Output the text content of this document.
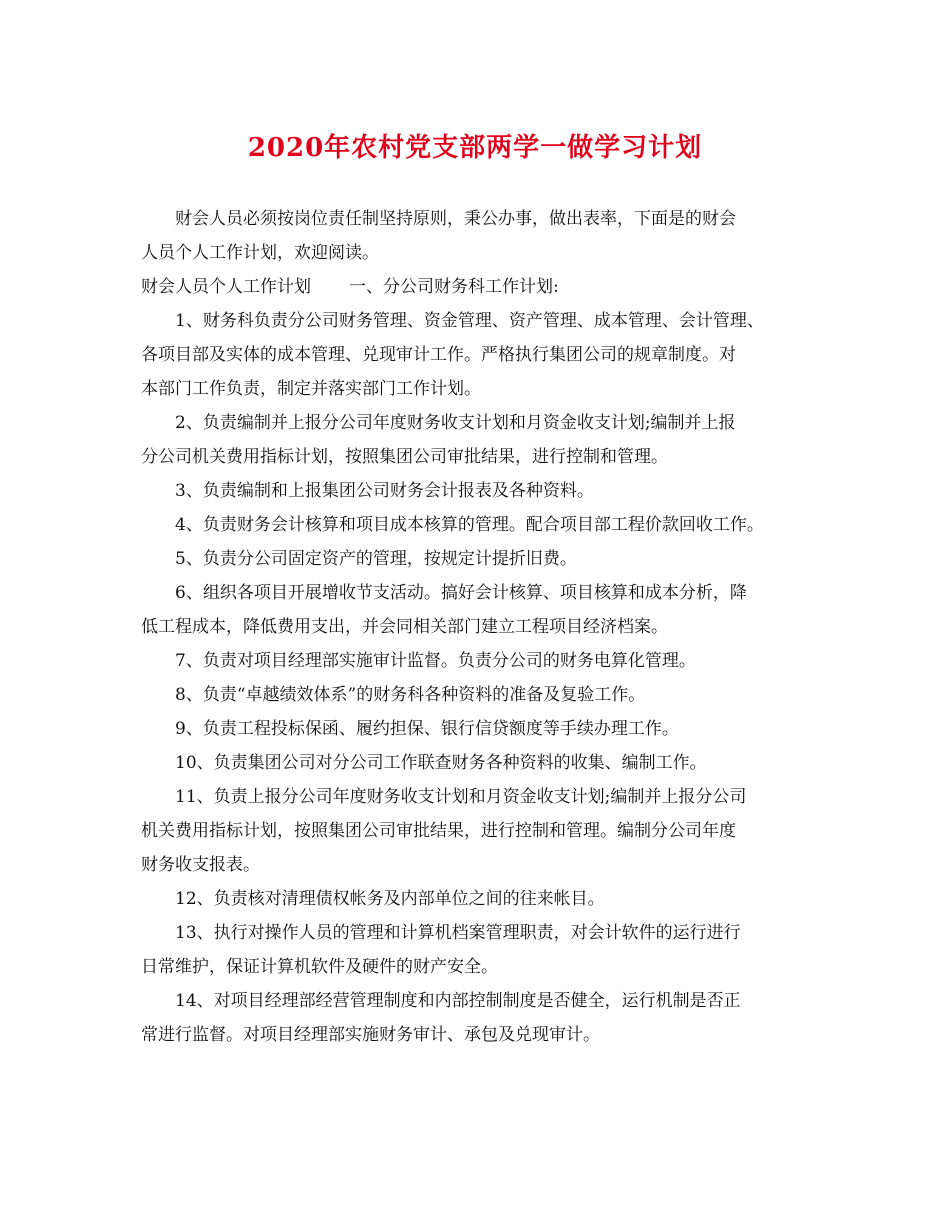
2020年农村党支部两学一做学习计划
财会人员必须按岗位责任制坚持原则，秉公办事，做出表率，下面是的财会
人员个人工作计划，欢迎阅读。
财会人员个人工作计划 一、分公司财务科工作计划:
1、财务科负责分公司财务管理、资金管理、资产管理、成本管理、会计管理、
各项目部及实体的成本管理、兑现审计工作。严格执行集团公司的规章制度。对
本部门工作负责，制定并落实部门工作计划。
2、负责编制并上报分公司年度财务收支计划和月资金收支计划;编制并上报
分公司机关费用指标计划，按照集团公司审批结果，进行控制和管理。
3、负责编制和上报集团公司财务会计报表及各种资料。
4、负责财务会计核算和项目成本核算的管理。配合项目部工程价款回收工作。
5、负责分公司固定资产的管理，按规定计提折旧费。
6、组织各项目开展增收节支活动。搞好会计核算、项目核算和成本分析，降
低工程成本，降低费用支出，并会同相关部门建立工程项目经济档案。
7、负责对项目经理部实施审计监督。负责分公司的财务电算化管理。
8、负责“卓越绩效体系”的财务科各种资料的准备及复验工作。
9、负责工程投标保函、履约担保、银行信贷额度等手续办理工作。
10、负责集团公司对分公司工作联查财务各种资料的收集、编制工作。
11、负责上报分公司年度财务收支计划和月资金收支计划;编制并上报分公司
机关费用指标计划，按照集团公司审批结果，进行控制和管理。编制分公司年度
财务收支报表。
12、负责核对清理债权帐务及内部单位之间的往来帐目。
13、执行对操作人员的管理和计算机档案管理职责，对会计软件的运行进行
日常维护，保证计算机软件及硬件的财产安全。
14、对项目经理部经营管理制度和内部控制制度是否健全，运行机制是否正
常进行监督。对项目经理部实施财务审计、承包及兑现审计。
